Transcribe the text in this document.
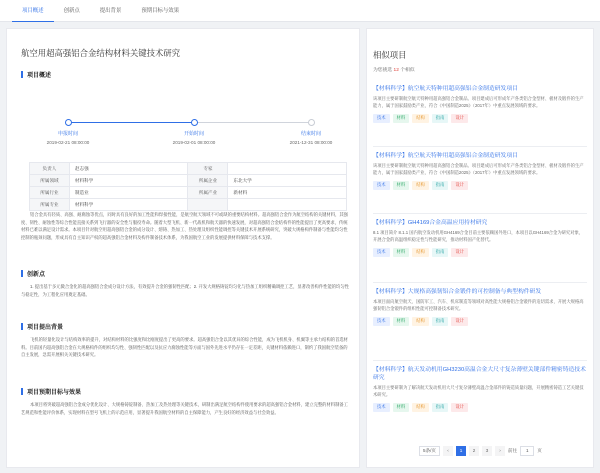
项目概述	创新点	提出背景	预期目标与效果
航空用超高强铝合金结构材料关键技术研究
项目概述
申报时间	开始时间	结束时间
2019-02-21 08:00:00	2019-02-01 08:00:00	2021-12-31 08:00:00
负责人	赵志强	专家	
所属领域	材料科学	所属企业	东北大学
所属行业	制造业	所属产业	新材料
所属专业	材料科学		
铝合金具有轻质、高强、耐腐蚀等优点，同时具有良好的加工性能和焊接性能，是航空航天领域不可或缺的重要结构材料。超高强铝合金作为航空结构的关键材料，其强度、韧性、耐蚀性等综合性能直接关系到飞行器的安全性与服役寿命。随着大型飞机、新一代战机和航天器的快速发展，对超高强铝合金结构件的性能提出了更高要求，传统材料已难以满足设计需求。本项目针对航空用超高强铝合金的成分设计、熔铸、热加工、热处理及组织性能调控等关键技术开展系统研究，突破大规格构件制备与性能均匀性控制的瓶颈问题，形成具有自主知识产权的超高强铝合金材料及构件制备技术体系，为我国航空工业的发展提供材料保障与技术支撑。
创新点
1. 提出基于多元微合金化的超高强铝合金成分设计方法，有效提升合金的强韧性匹配；2. 开发大规格铸锭均匀化与热加工组织精确调控工艺，显著改善构件性能的均匀性与稳定性，为工程化应用奠定基础。
项目提出背景
飞机的轻量化设计与结构效率的提升，对结构材料的比强度和比刚度提出了更高的要求。超高强铝合金以其优异的综合性能，成为飞机机身、机翼等主承力结构的首选材料。目前国内超高强铝合金在大规格构件的组织均匀性、强韧性匹配以及抗应力腐蚀性能等方面与国外先进水平仍存在一定差距，关键材料依赖进口，制约了我国航空装备的自主发展，急需开展相关关键技术研究。
项目预期目标与效果
本项目将突破超高强铝合金成分优化设计、大规格铸锭制备、热加工及热处理等关键技术，研制出满足航空结构件使用要求的超高强铝合金材料，建立完整的材料制备工艺规范和性能评价体系，实现材料在型号飞机上的示范应用，显著提升我国航空材料的自主保障能力，产生良好的经济效益与社会效益。
相似项目
为您挑选 12 个相似
【材料科学】航空航天特种用超高强铝合金制造研发项目
该项目主要研制航空航天特种用超高强铝合金制品。项目建成后可形成年产各类铝合金型材、板材及锻件的生产能力，属于国家鼓励类产业，符合《中国制造2025》（2017年）中重点发展领域的要求。
技术	材料	结构	指南	设计
【材料科学】航空航天特种用超高强铝合金制造研发项目
该项目主要研制航空航天特种用超高强铝合金制品。项目建成后可形成年产各类铝合金型材、板材及锻件的生产能力，属于国家鼓励类产业，符合《中国制造2025》（2017年）中重点发展领域的要求。
技术	材料	结构	指南	设计
【材料科学】GH4169合金高温应用持材研究
8.1 项目简介 8.1.1 国内航空发动机用GH4169合金目前主要依赖国外进口，本项目以GH4169合金为研究对象，开展合金的高温组织稳定性与性能研究，推动材料国产化替代。
技术	材料	结构	指南	设计
【材料科学】大规格高强韧铝合金锻件的可控制备与典型构件研发
本项目面向航空航天、国防军工、汽车、机床制造等领域对高性能大规格铝合金锻件的迫切需求，开展大规格高强韧铝合金锻件的组织性能可控制备技术研究。
技术	材料	结构	指南	设计
【材料科学】航天发动机用GH3230高温合金大尺寸复杂薄壁关键部件精密铸造技术研究
本项目主要研制为了解决航天发动机用大尺寸复杂薄壁高温合金部件的铸造质量问题，开展精密铸造工艺关键技术研究。
技术	材料	结构	指南	设计
5条/页	‹	1	2	3	›	前往	1	页
